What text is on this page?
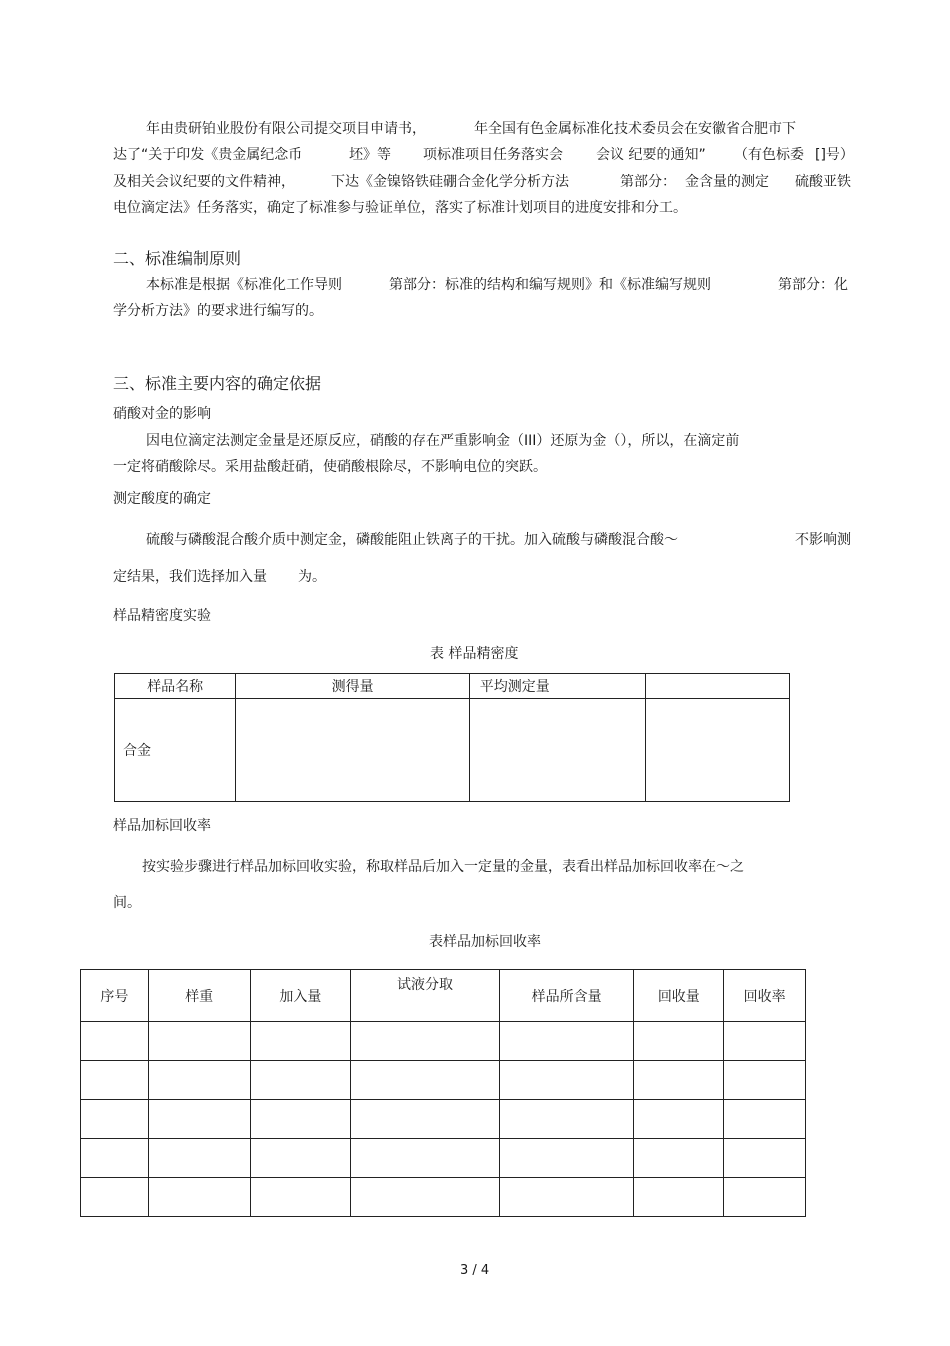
年由贵研铂业股份有限公司提交项目申请书，	年全国有色金属标准化技术委员会在安徽省合肥市下
达了“关于印发《贵金属纪念币	坯》等 项标准项目任务落实会 会议 纪要的通知” （有色标委 []号）
及相关会议纪要的文件精神，	下达《金镍铬铁硅硼合金化学分析方法	第部分： 金含量的测定 硫酸亚铁
电位滴定法》任务落实，确定了标准参与验证单位，落实了标准计划项目的进度安排和分工。
二、标准编制原则
本标准是根据《标准化工作导则	第部分：标准的结构和编写规则》和《标准编写规则	第部分：化
学分析方法》的要求进行编写的。
三、标准主要内容的确定依据
硝酸对金的影响
因电位滴定法测定金量是还原反应，硝酸的存在严重影响金（III）还原为金（），所以，在滴定前
一定将硝酸除尽。采用盐酸赶硝，使硝酸根除尽，不影响电位的突跃。
测定酸度的确定
硫酸与磷酸混合酸介质中测定金，磷酸能阻止铁离子的干扰。加入硫酸与磷酸混合酸～	不影响测
定结果，我们选择加入量 为。
样品精密度实验
表 样品精密度
样品名称	测得量	平均测定量	
合金			
样品加标回收率
按实验步骤进行样品加标回收实验，称取样品后加入一定量的金量，表看出样品加标回收率在～之
间。
表样品加标回收率
序号	样重	加入量	试液分取	样品所含量	回收量	回收率

3 / 4
